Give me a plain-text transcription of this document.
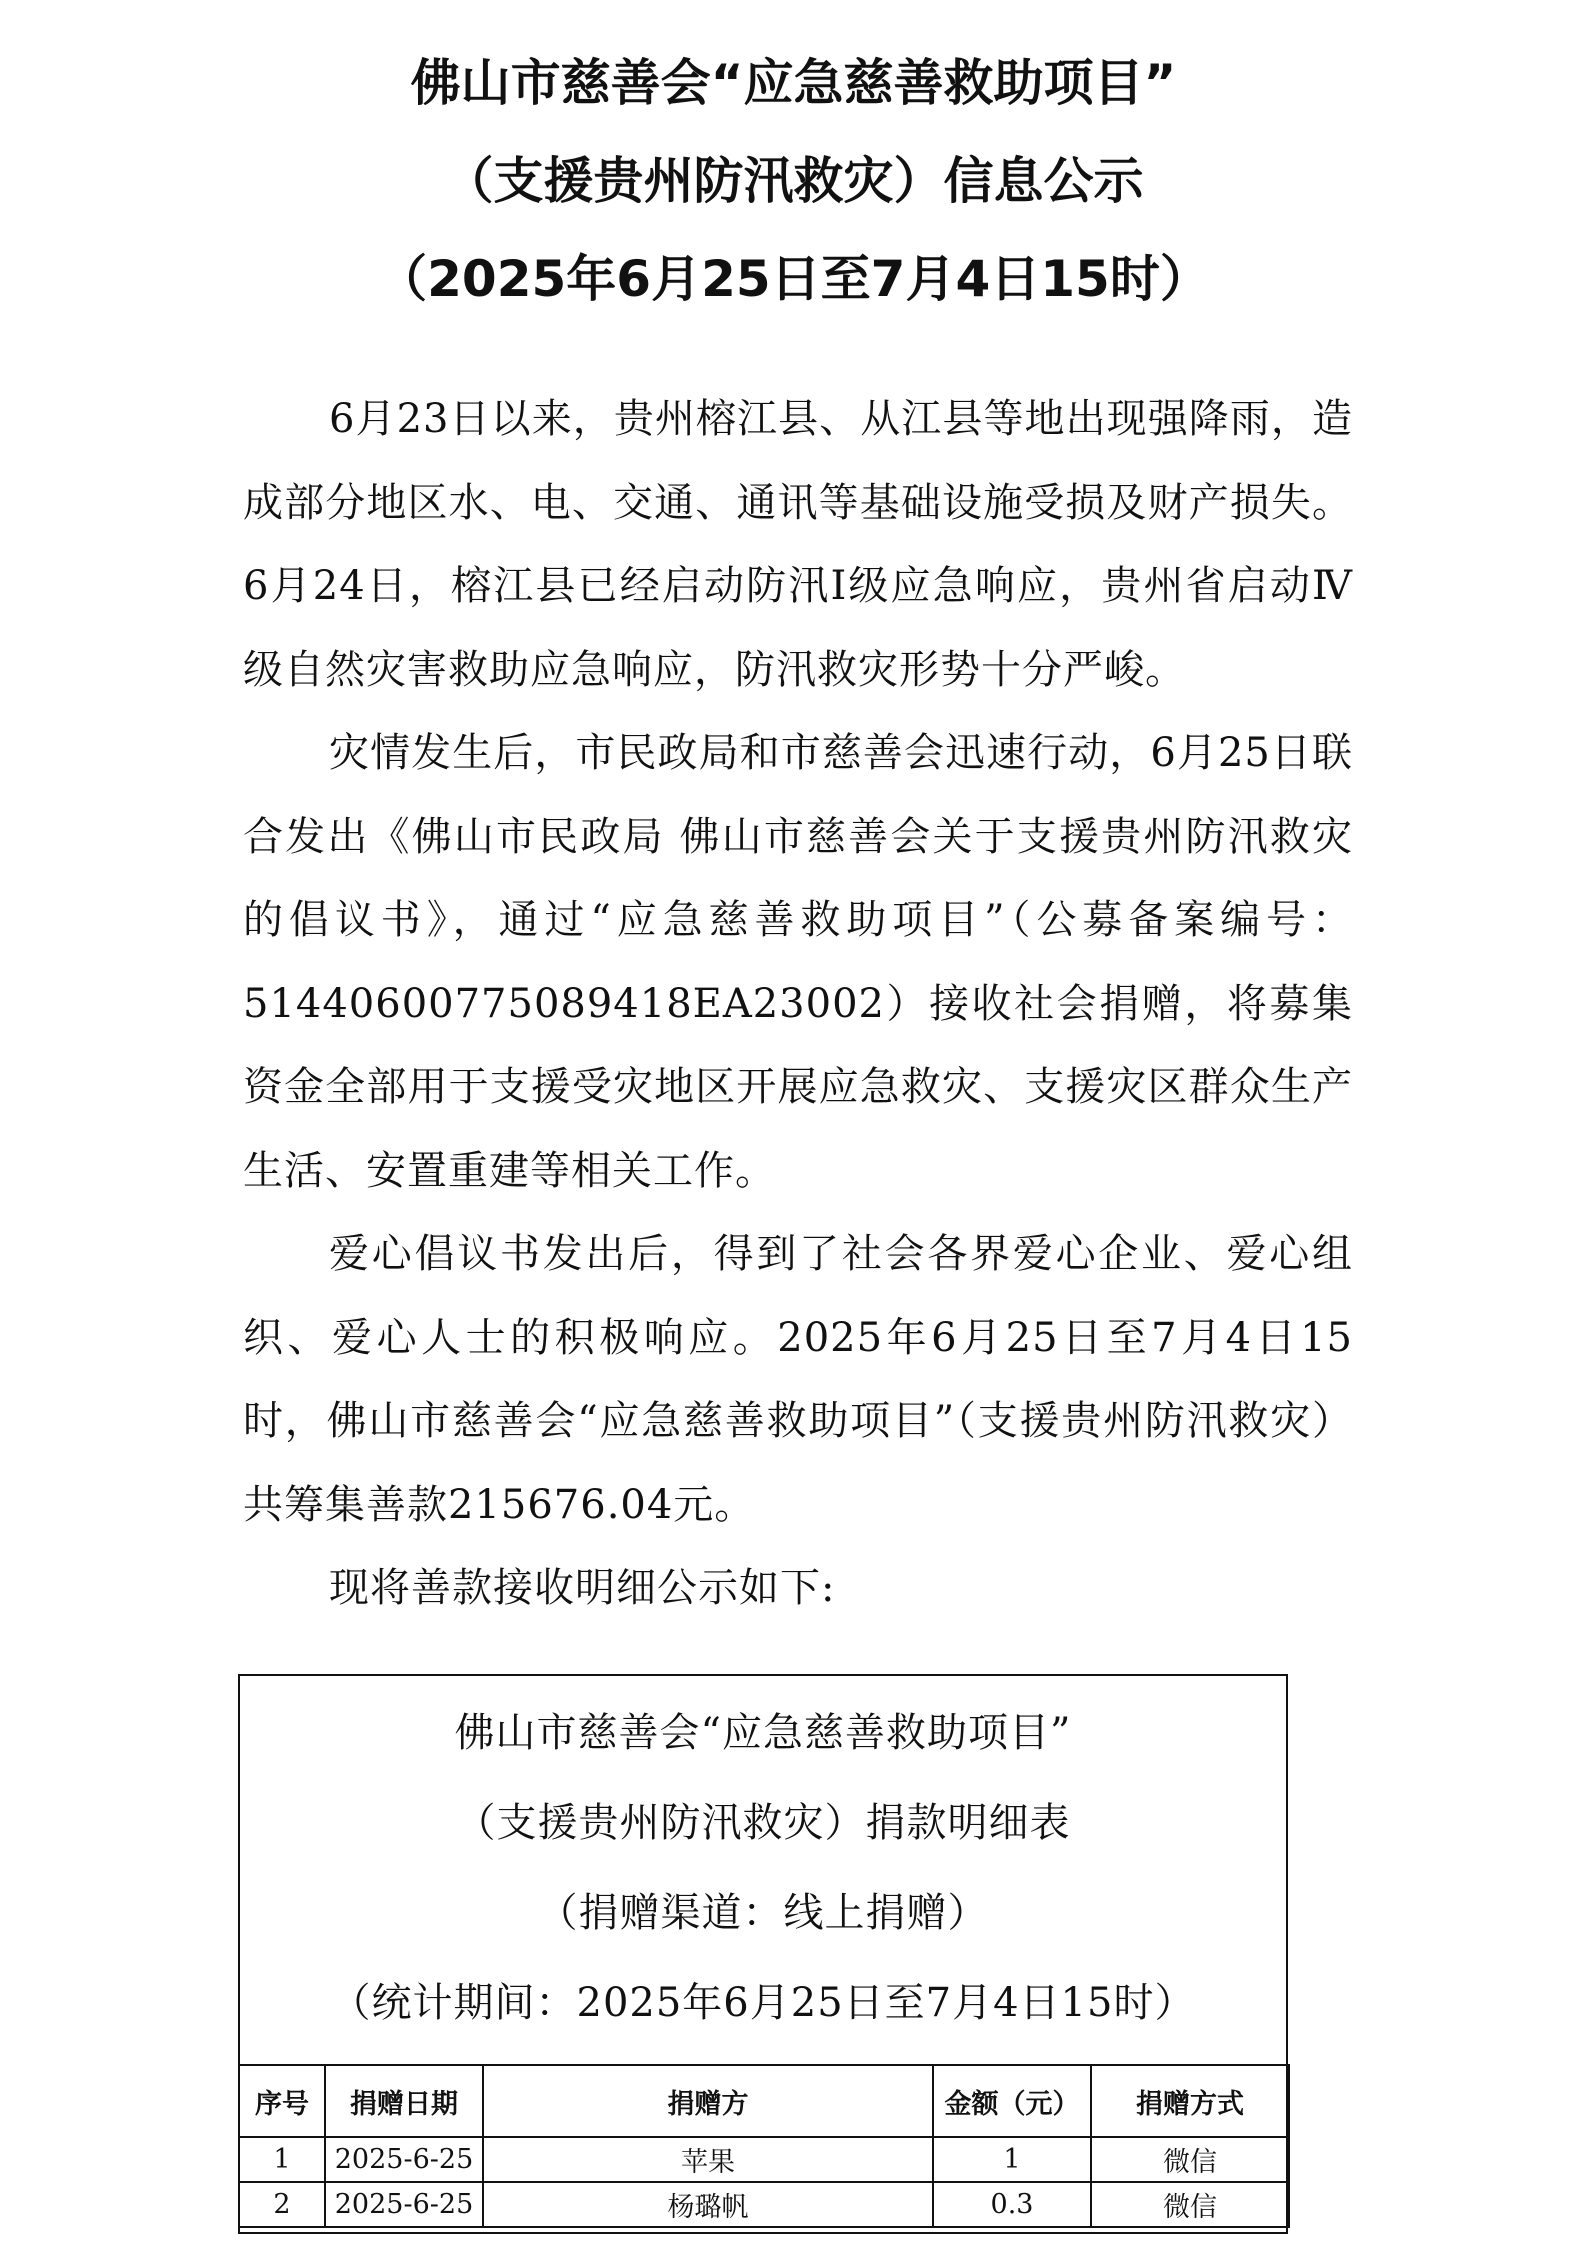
佛山市慈善会“应急慈善救助项目”
（支援贵州防汛救灾）信息公示
（2025年6月25日至7月4日15时）

6月23日以来，贵州榕江县、从江县等地出现强降雨，造成部分地区水、电、交通、通讯等基础设施受损及财产损失。6月24日，榕江县已经启动防汛Ⅰ级应急响应，贵州省启动Ⅳ级自然灾害救助应急响应，防汛救灾形势十分严峻。

灾情发生后，市民政局和市慈善会迅速行动，6月25日联合发出《佛山市民政局 佛山市慈善会关于支援贵州防汛救灾的倡议书》，通过“应急慈善救助项目”（公募备案编号：51440600775089418EA23002）接收社会捐赠，将募集资金全部用于支援受灾地区开展应急救灾、支援灾区群众生产生活、安置重建等相关工作。

爱心倡议书发出后，得到了社会各界爱心企业、爱心组织、爱心人士的积极响应。2025年6月25日至7月4日15时，佛山市慈善会“应急慈善救助项目”（支援贵州防汛救灾）共筹集善款215676.04元。

现将善款接收明细公示如下:

佛山市慈善会“应急慈善救助项目”
（支援贵州防汛救灾）捐款明细表
（捐赠渠道：线上捐赠）
（统计期间：2025年6月25日至7月4日15时）
序号	捐赠日期	捐赠方	金额（元）	捐赠方式
1	2025-6-25	苹果	1	微信
2	2025-6-25	杨璐帆	0.3	微信
